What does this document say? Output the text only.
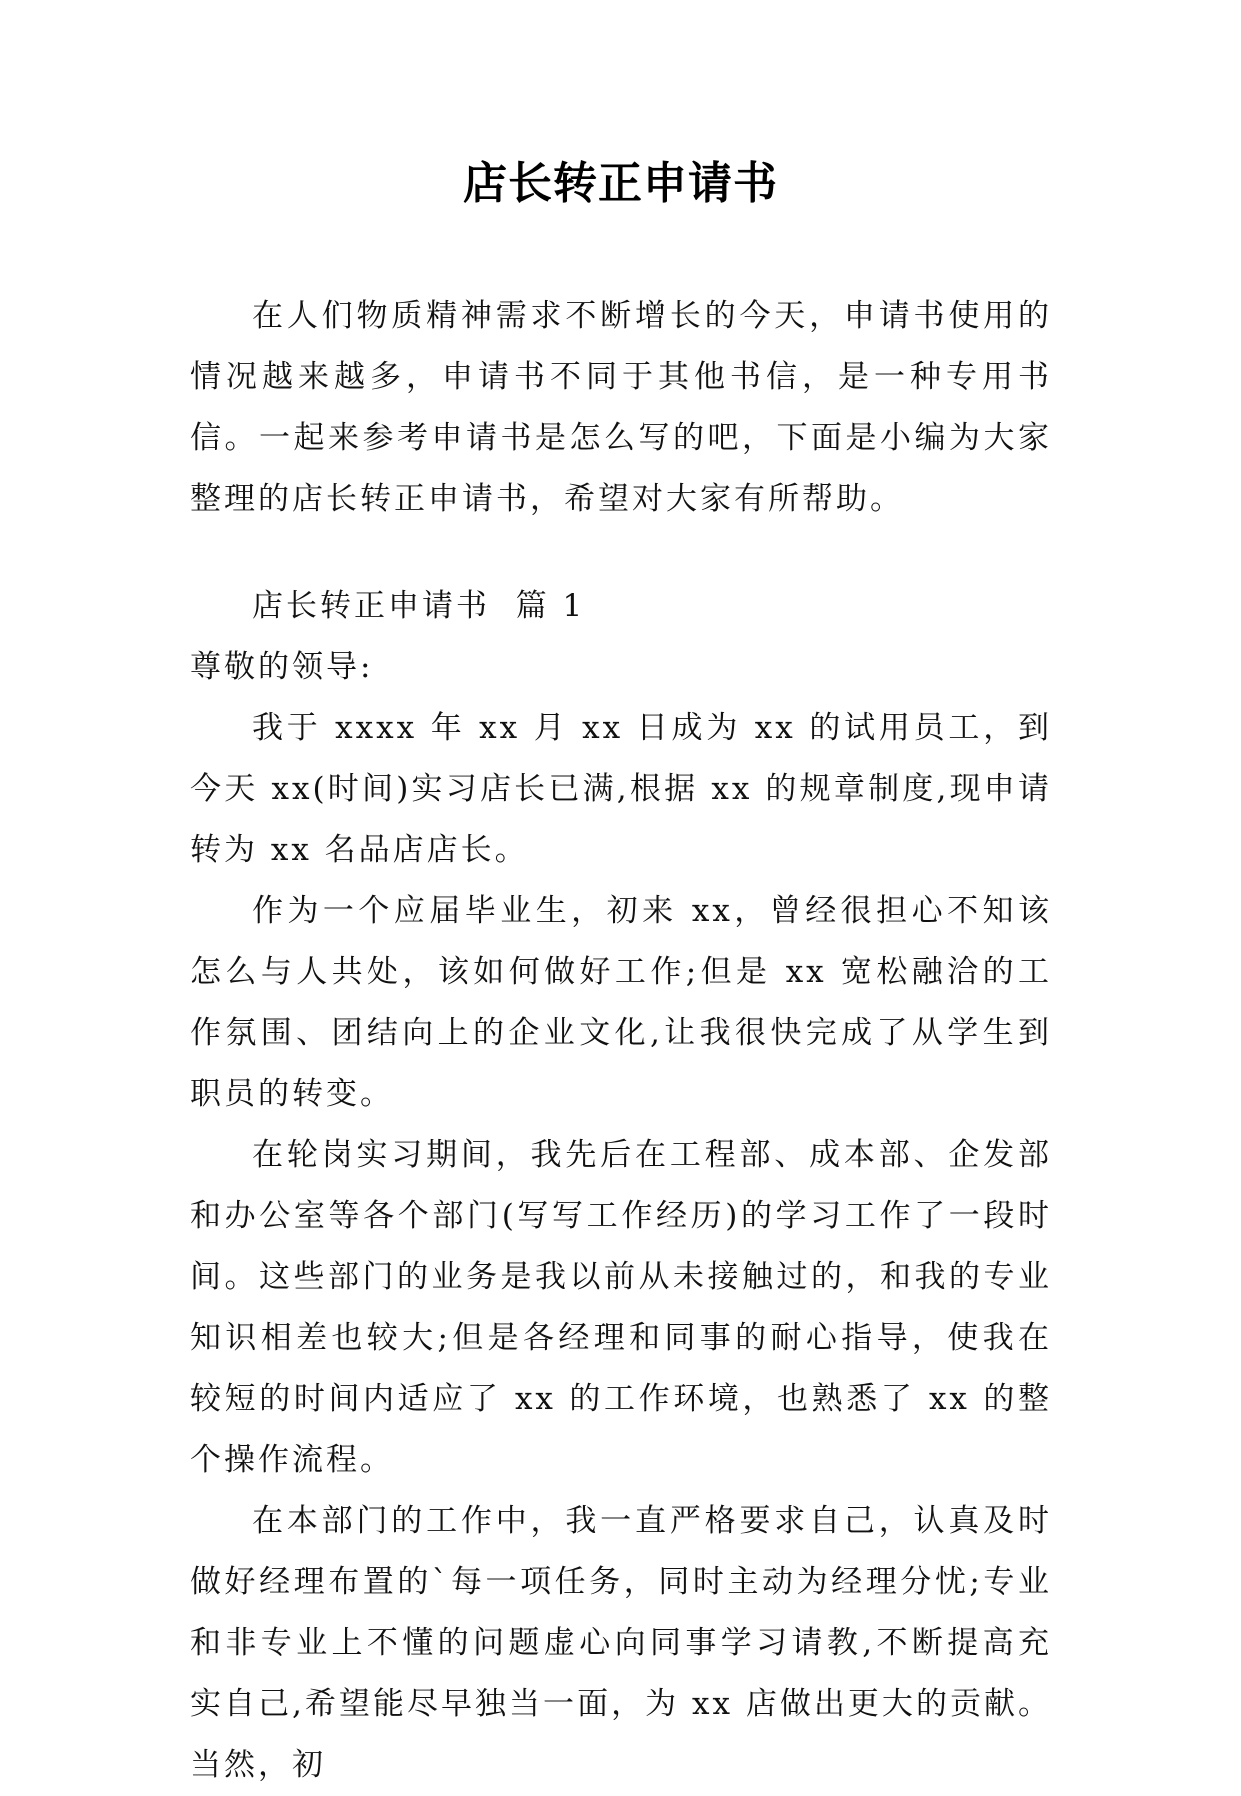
店长转正申请书

在人们物质精神需求不断增长的今天，申请书使用的情况越来越多，申请书不同于其他书信，是一种专用书信。一起来参考申请书是怎么写的吧，下面是小编为大家整理的店长转正申请书，希望对大家有所帮助。

店长转正申请书  篇 1

尊敬的领导:

我于 xxxx 年 xx 月 xx 日成为 xx 的试用员工，到今天 xx(时间)实习店长已满,根据 xx 的规章制度,现申请转为 xx 名品店店长。

作为一个应届毕业生，初来 xx，曾经很担心不知该怎么与人共处，该如何做好工作;但是 xx 宽松融洽的工作氛围、团结向上的企业文化,让我很快完成了从学生到职员的转变。

在轮岗实习期间，我先后在工程部、成本部、企发部和办公室等各个部门(写写工作经历)的学习工作了一段时间。这些部门的业务是我以前从未接触过的，和我的专业知识相差也较大;但是各经理和同事的耐心指导，使我在较短的时间内适应了 xx 的工作环境，也熟悉了 xx 的整个操作流程。

在本部门的工作中，我一直严格要求自己，认真及时做好经理布置的`每一项任务，同时主动为经理分忧;专业和非专业上不懂的问题虚心向同事学习请教,不断提高充实自己,希望能尽早独当一面，为 xx 店做出更大的贡献。当然，初
